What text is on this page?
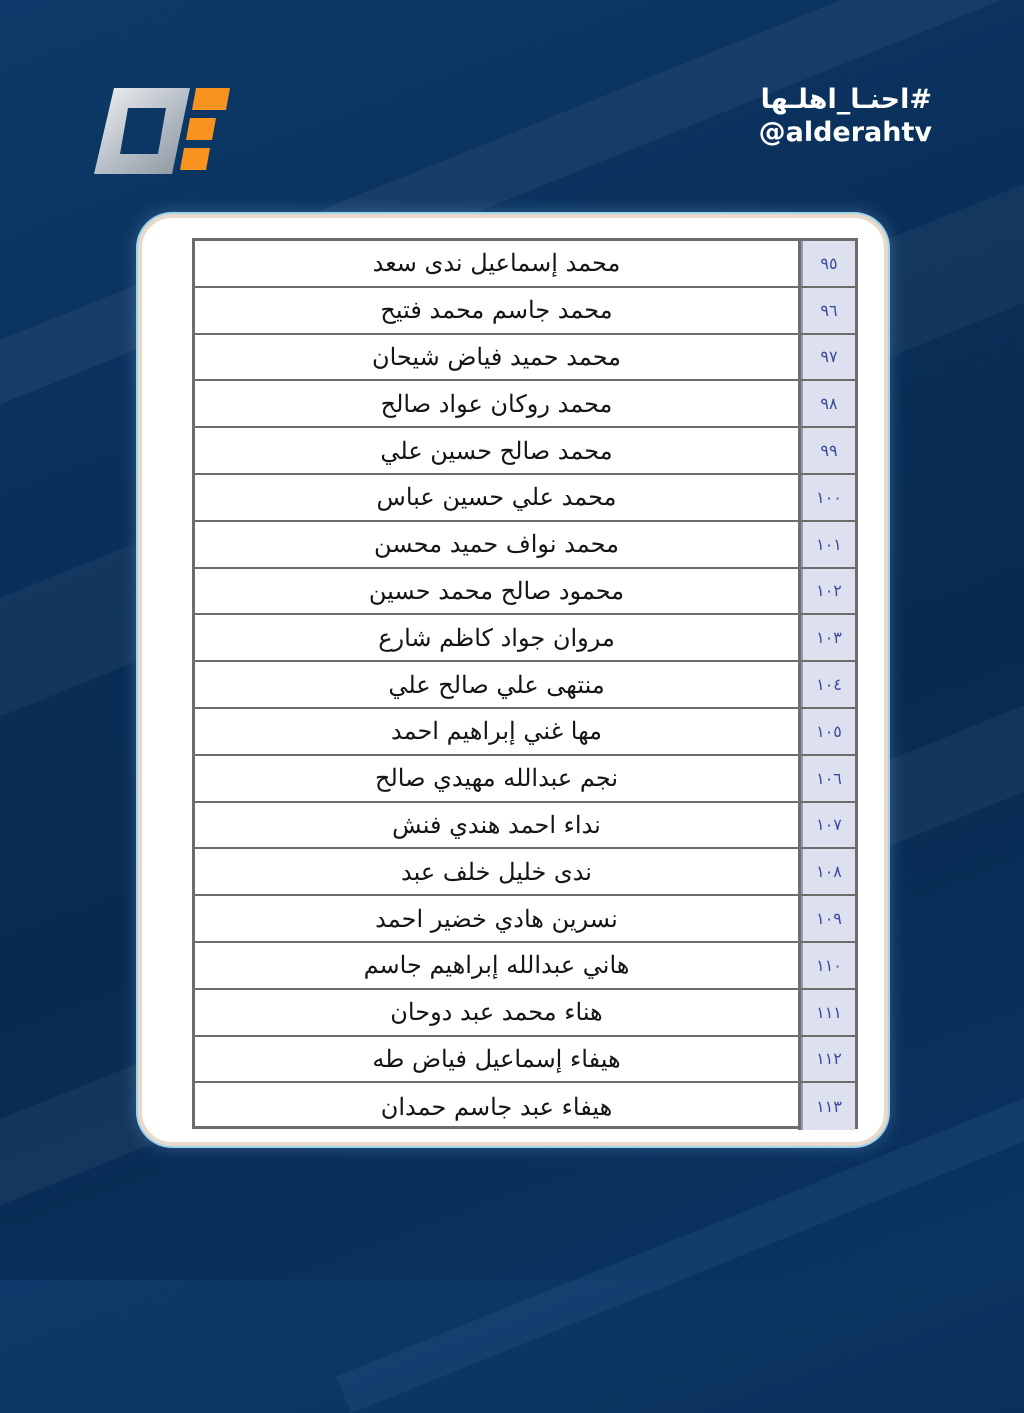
#احنـا_اهلـها
@alderahtv
محمد إسماعيل ندى سعد	٩٥
محمد جاسم محمد فتيح	٩٦
محمد حميد فياض شيحان	٩٧
محمد روكان عواد صالح	٩٨
محمد صالح حسين علي	٩٩
محمد علي حسين عباس	١٠٠
محمد نواف حميد محسن	١٠١
محمود صالح محمد حسين	١٠٢
مروان جواد كاظم شارع	١٠٣
منتهى علي صالح علي	١٠٤
مها غني إبراهيم احمد	١٠٥
نجم عبدالله مهيدي صالح	١٠٦
نداء احمد هندي فنش	١٠٧
ندى خليل خلف عبد	١٠٨
نسرين هادي خضير احمد	١٠٩
هاني عبدالله إبراهيم جاسم	١١٠
هناء محمد عبد دوحان	١١١
هيفاء إسماعيل فياض طه	١١٢
هيفاء عبد جاسم حمدان	١١٣
